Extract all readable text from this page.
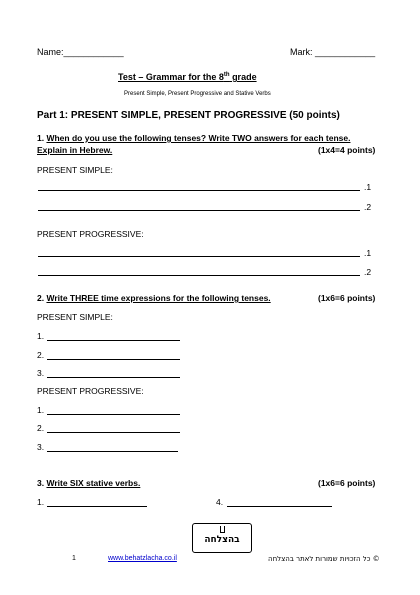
Name:____________	Mark: ____________
Test – Grammar for the 8th grade
Present Simple, Present Progressive and Stative Verbs
Part 1: PRESENT SIMPLE, PRESENT PROGRESSIVE (50 points)
1. When do you use the following tenses? Write TWO answers for each tense.
Explain in Hebrew.	(1x4=4 points)
PRESENT SIMPLE:
.1
.2
PRESENT PROGRESSIVE:
.1
.2
2. Write THREE time expressions for the following tenses.	(1x6=6 points)
PRESENT SIMPLE:
1.
2.
3.
PRESENT PROGRESSIVE:
1.
2.
3.
3. Write SIX stative verbs.	(1x6=6 points)
1.	4.
בהצלחה
1	www.behatzlacha.co.il	כל הזכויות שמורות לאתר בהצלחה ©
